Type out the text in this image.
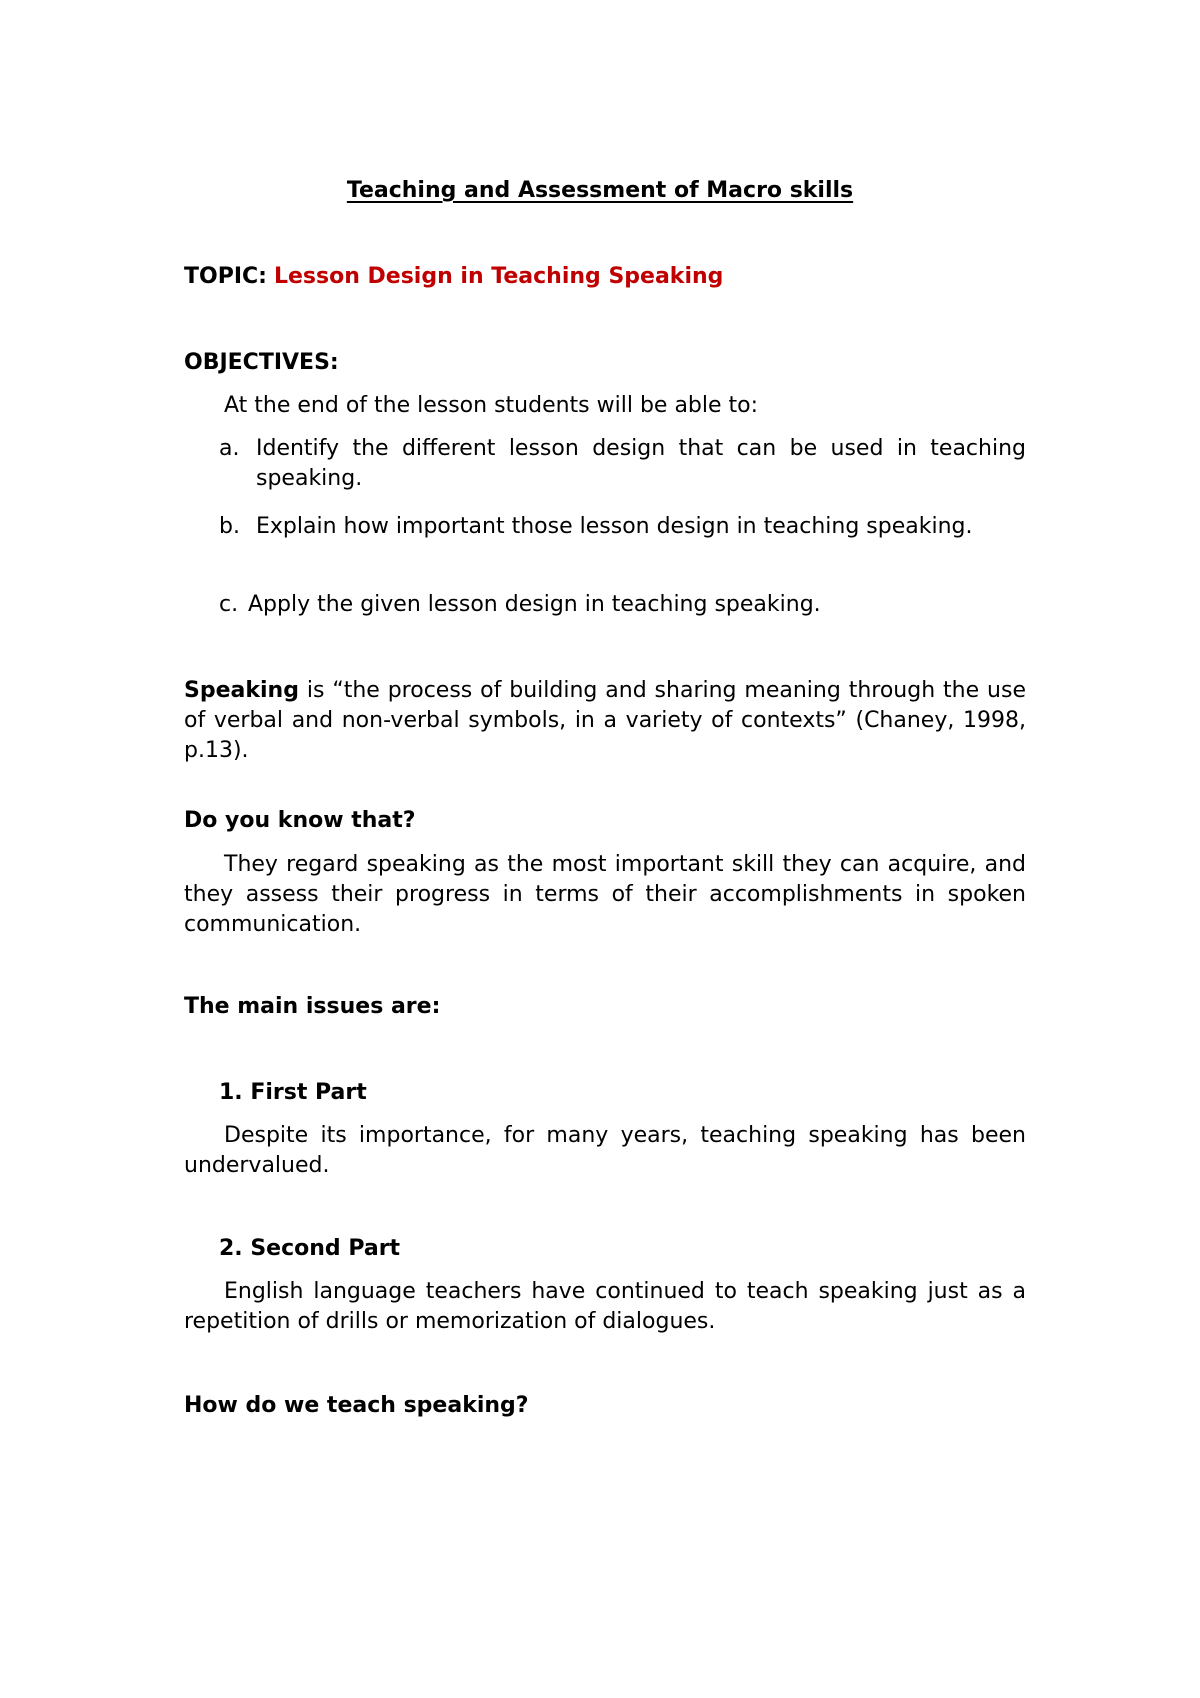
Teaching and Assessment of Macro skills

TOPIC: Lesson Design in Teaching Speaking

OBJECTIVES:

At the end of the lesson students will be able to:

a. Identify the different lesson design that can be used in teaching speaking.
b. Explain how important those lesson design in teaching speaking.
c. Apply the given lesson design in teaching speaking.

Speaking is “the process of building and sharing meaning through the use of verbal and non-verbal symbols, in a variety of contexts” (Chaney, 1998, p.13).

Do you know that?

They regard speaking as the most important skill they can acquire, and they assess their progress in terms of their accomplishments in spoken communication.

The main issues are:

1. First Part

Despite its importance, for many years, teaching speaking has been undervalued.

2. Second Part

English language teachers have continued to teach speaking just as a repetition of drills or memorization of dialogues.

How do we teach speaking?
